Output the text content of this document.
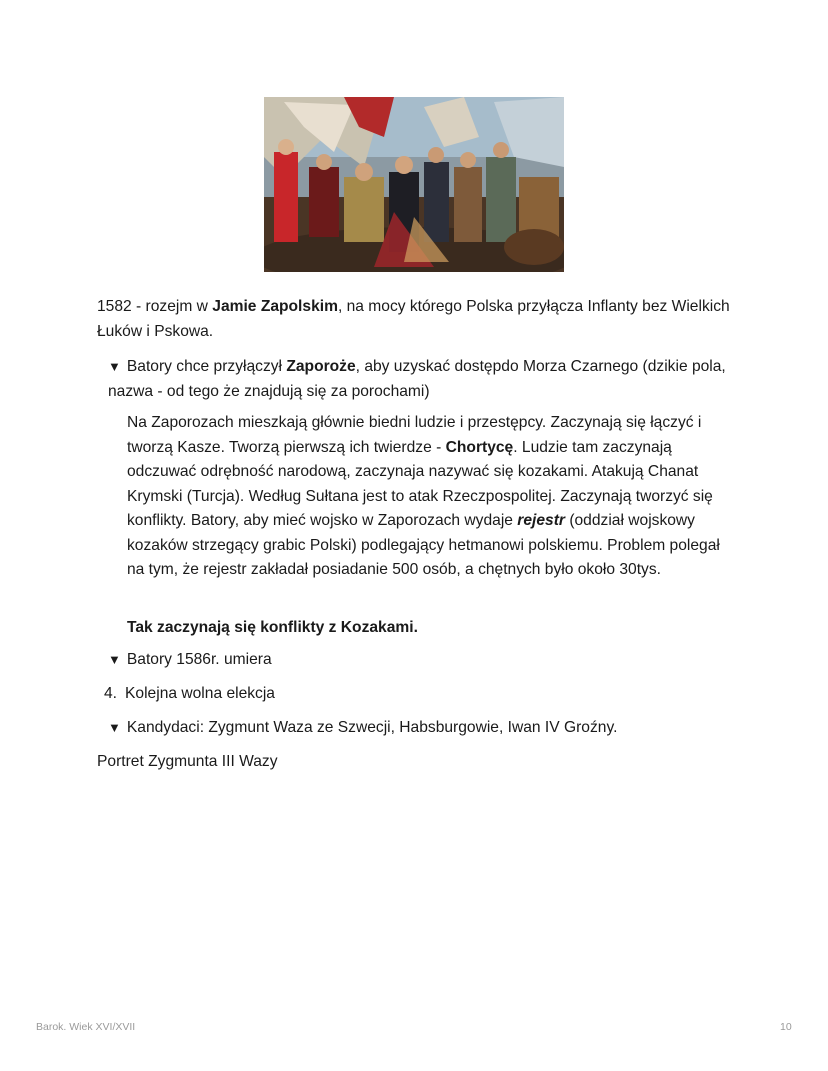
1582 - rozejm w Jamie Zapolskim, na mocy którego Polska przyłącza Inflanty bez Wielkich Łuków i Pskowa.

▼ Batory chce przyłączył Zaporoże, aby uzyskać dostępdo Morza Czarnego (dzikie pola, nazwa - od tego że znajdują się za porochami)

Na Zaporozach mieszkają głównie biedni ludzie i przestępcy. Zaczynają się łączyć i tworzą Kasze. Tworzą pierwszą ich twierdze - Chortycę. Ludzie tam zaczynają odczuwać odrębność narodową, zaczynaja nazywać się kozakami. Atakują Chanat Krymski (Turcja). Według Sułtana jest to atak Rzeczpospolitej. Zaczynają tworzyć się konflikty. Batory, aby mieć wojsko w Zaporozach wydaje rejestr (oddział wojskowy kozaków strzegący grabic Polski) podlegający hetmanowi polskiemu. Problem polegał na tym, że rejestr zakładał posiadanie 500 osób, a chętnych było około 30tys.

Tak zaczynają się konflikty z Kozakami.

▼ Batory 1586r. umiera

4. Kolejna wolna elekcja

▼ Kandydaci: Zygmunt Waza ze Szwecji, Habsburgowie, Iwan IV Groźny.

Portret Zygmunta III Wazy

Barok. Wiek XVI/XVII	10
